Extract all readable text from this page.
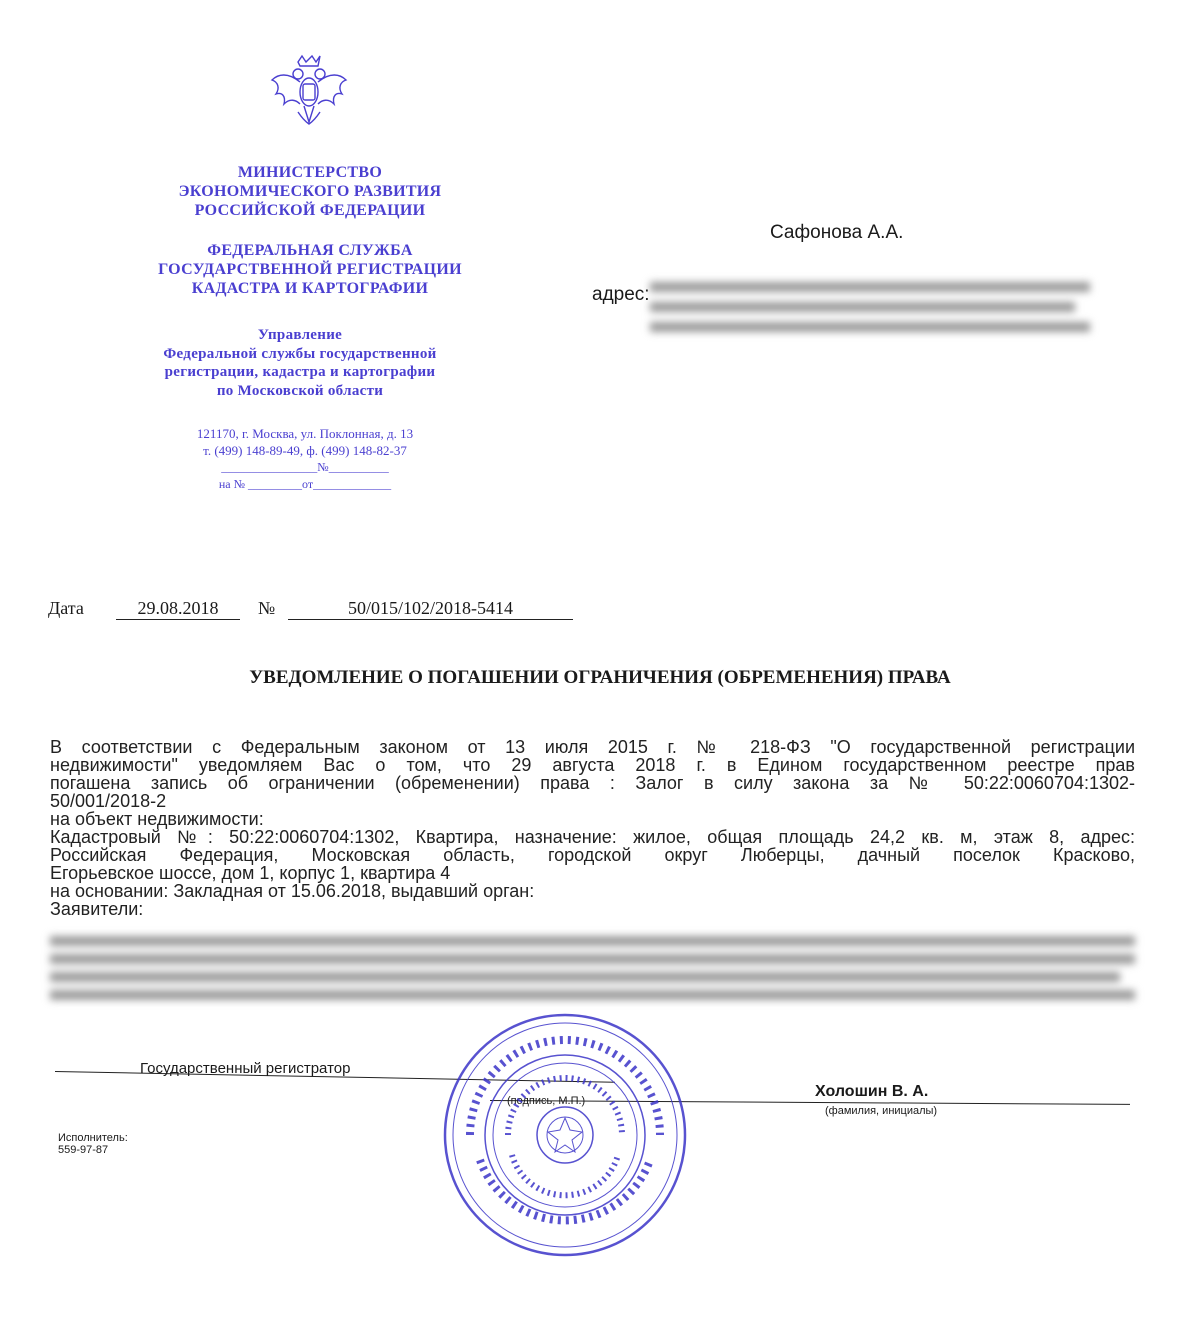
МИНИСТЕРСТВО
ЭКОНОМИЧЕСКОГО РАЗВИТИЯ
РОССИЙСКОЙ ФЕДЕРАЦИИ
ФЕДЕРАЛЬНАЯ СЛУЖБА
ГОСУДАРСТВЕННОЙ РЕГИСТРАЦИИ
КАДАСТРА И КАРТОГРАФИИ
Управление
Федеральной службы государственной
регистрации, кадастра и картографии
по Московской области
121170, г. Москва, ул. Поклонная, д. 13
т. (499) 148-89-49, ф. (499) 148-82-37
________________№__________
на № _________от_____________
Сафонова А.А.
адрес:
Дата	29.08.2018	№	50/015/102/2018-5414
УВЕДОМЛЕНИЕ О ПОГАШЕНИИ ОГРАНИЧЕНИЯ (ОБРЕМЕНЕНИЯ) ПРАВА
В соответствии с Федеральным законом от 13 июля 2015 г. № 218-ФЗ "О государственной регистрации
недвижимости" уведомляем Вас о том, что 29 августа 2018 г. в Едином государственном реестре прав
погашена запись об ограничении (обременении) права : Залог в силу закона за № 50:22:0060704:1302-
50/001/2018-2
на объект недвижимости:
Кадастровый №: 50:22:0060704:1302, Квартира, назначение: жилое, общая площадь 24,2 кв. м, этаж 8, адрес:
Российская Федерация, Московская область, городской округ Люберцы, дачный поселок Красково,
Егорьевское шоссе, дом 1, корпус 1, квартира 4
на основании: Закладная от 15.06.2018, выдавший орган:
Заявители:
Государственный регистратор
(подпись, М.П.)
Холошин В. А.
(фамилия, инициалы)
Исполнитель:
559-97-87
